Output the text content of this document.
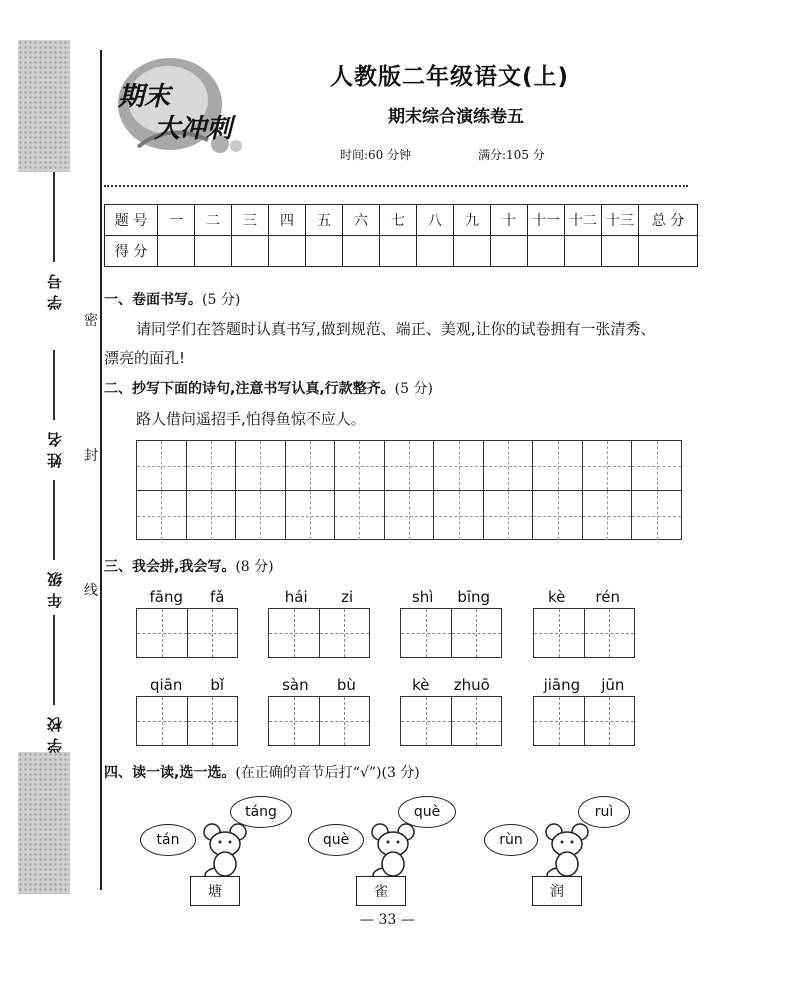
学号
姓名
年级
学校
密
封
线
期末
大冲刺
人教版二年级语文(上)
期末综合演练卷五
时间:60 分钟	满分:105 分
题 号	一	二	三	四	五	六	七	八	九	十	十一	十二	十三	总 分
得 分														
一、卷面书写。(5 分)
请同学们在答题时认真书写,做到规范、端正、美观,让你的试卷拥有一张清秀、
漂亮的面孔!
二、抄写下面的诗句,注意书写认真,行款整齐。(5 分)
路人借问遥招手,怕得鱼惊不应人。
三、我会拼,我会写。(8 分)
fāng fǎ	hái zi	shì bīng	kè rén
qiān bǐ	sàn bù	kè zhuō	jiāng jūn
四、读一读,选一选。(在正确的音节后打“√”)(3 分)
tán
táng
塘
què
què
雀
rùn
ruì
润
— 33 —
